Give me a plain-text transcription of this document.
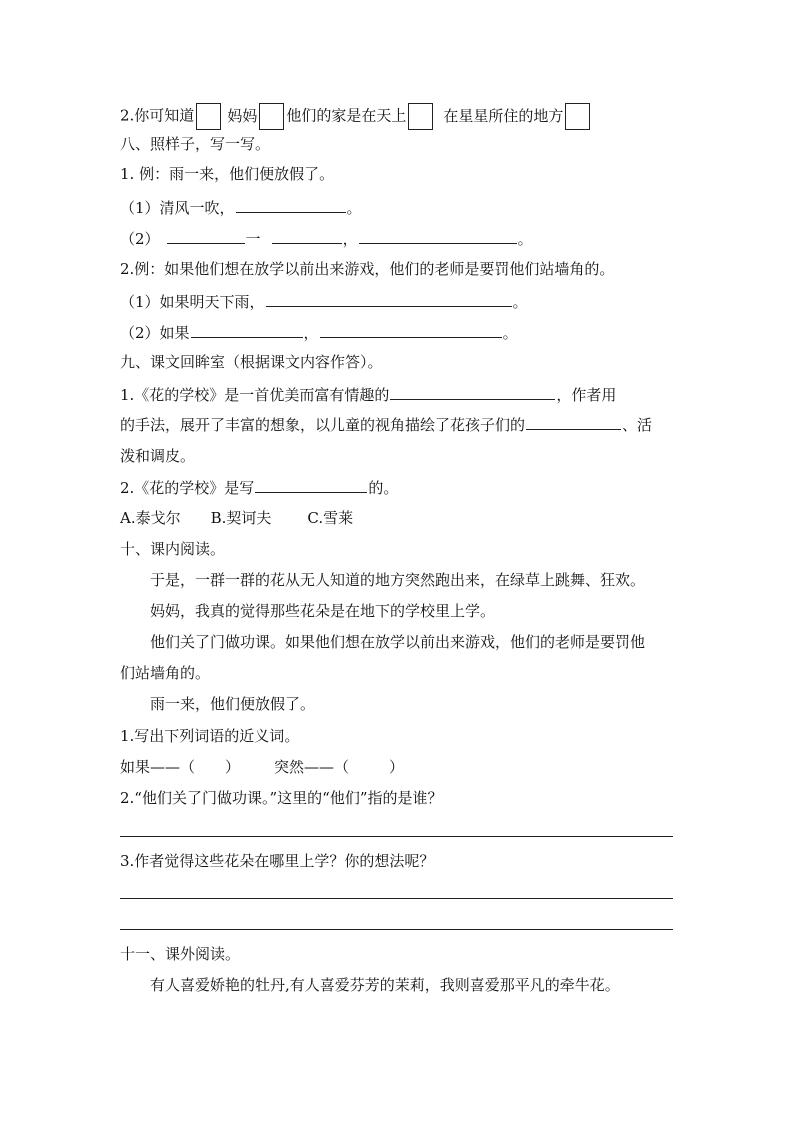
2.你可知道 妈妈 他们的家是在天上 在星星所住的地方
八、照样子，写一写。
1. 例：雨一来，他们便放假了。
（1）清风一吹，	。
（2）	一	，	。
2.例：如果他们想在放学以前出来游戏，他们的老师是要罚他们站墙角的。
（1）如果明天下雨，	。
（2）如果	，	。
九、课文回眸室（根据课文内容作答）。
1.《花的学校》是一首优美而富有情趣的	，作者用
的手法，展开了丰富的想象，以儿童的视角描绘了花孩子们的	、活
泼和调皮。
2.《花的学校》是写	的。
A.泰戈尔 B.契诃夫 C.雪莱
十、课内阅读。
于是，一群一群的花从无人知道的地方突然跑出来，在绿草上跳舞、狂欢。
妈妈，我真的觉得那些花朵是在地下的学校里上学。
他们关了门做功课。如果他们想在放学以前出来游戏，他们的老师是要罚他
们站墙角的。
雨一来，他们便放假了。
1.写出下列词语的近义词。
如果——（ ） 突然——（	）
2.“他们关了门做功课。”这里的“他们”指的是谁？
3.作者觉得这些花朵在哪里上学？你的想法呢？
十一、课外阅读。
有人喜爱娇艳的牡丹,有人喜爱芬芳的茉莉，我则喜爱那平凡的牵牛花。
